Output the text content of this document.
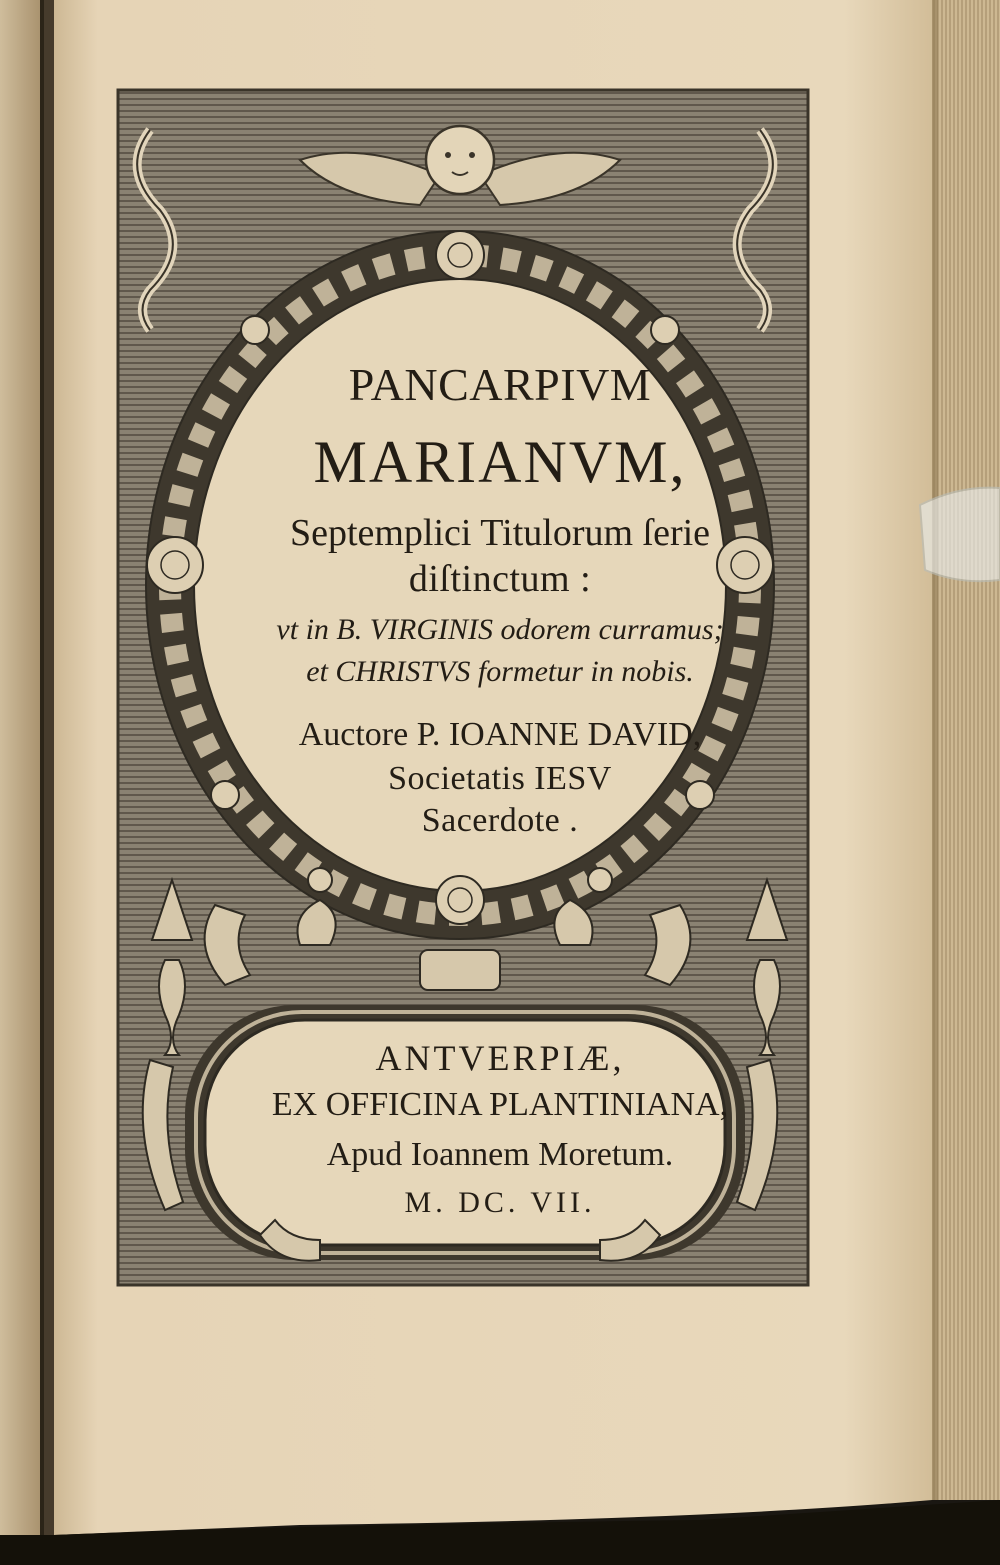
PANCARPIVM
MARIANVM,
Septemplici Titulorum ſerie
diſtinctum :
vt in B. VIRGINIS odorem curramus;
et CHRISTVS formetur in nobis.
Auctore P. IOANNE DAVID,
Societatis IESV
Sacerdote .
ANTVERPIÆ,
EX OFFICINA PLANTINIANA,
Apud Ioannem Moretum.
M. DC. VII.
